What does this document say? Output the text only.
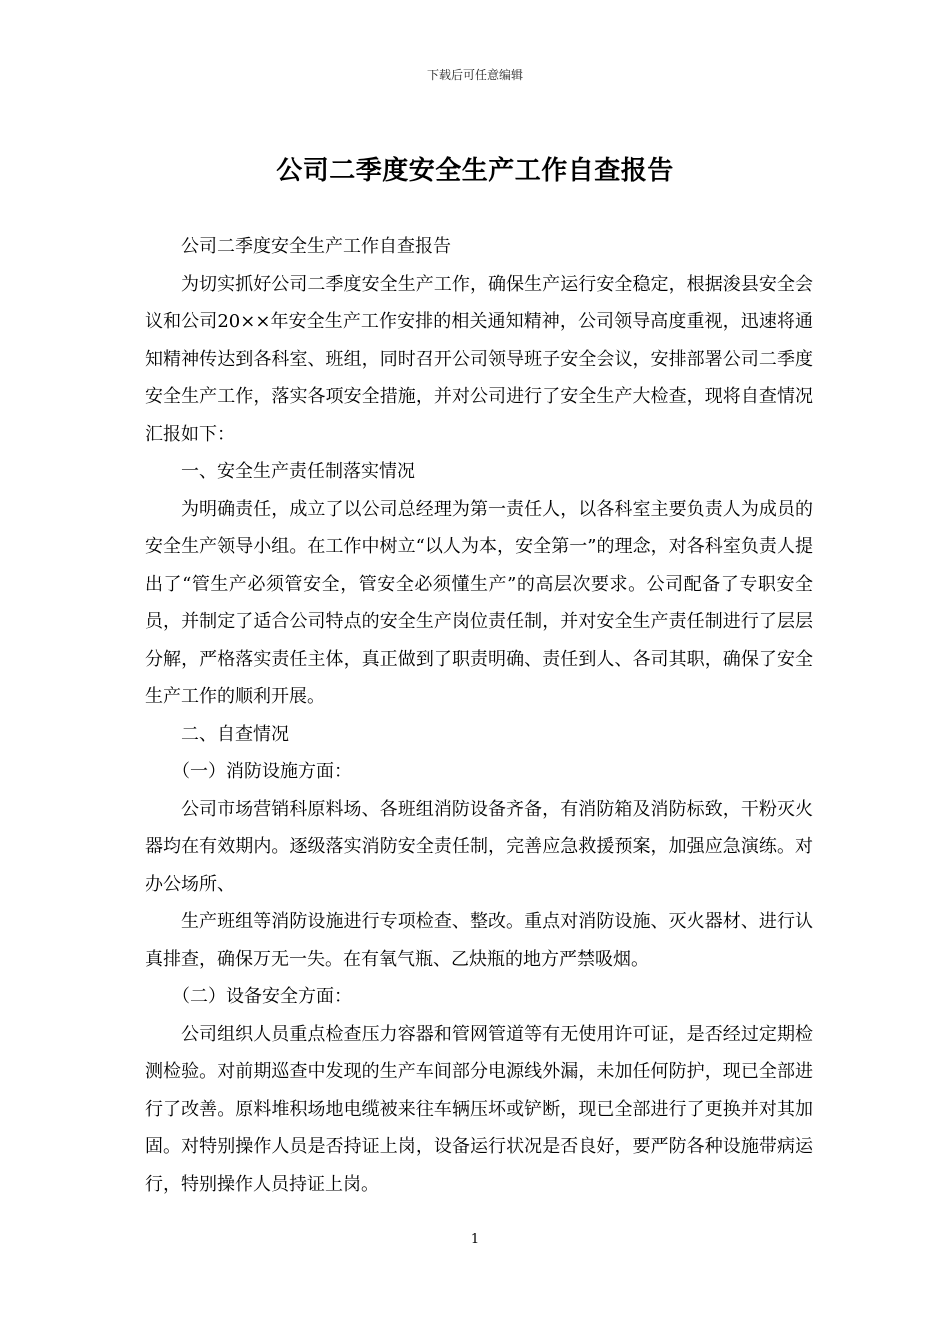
下载后可任意编辑
公司二季度安全生产工作自查报告

公司二季度安全生产工作自查报告

为切实抓好公司二季度安全生产工作，确保生产运行安全稳定，根据浚县安全会议和公司20××年安全生产工作安排的相关通知精神，公司领导高度重视，迅速将通知精神传达到各科室、班组，同时召开公司领导班子安全会议，安排部署公司二季度安全生产工作，落实各项安全措施，并对公司进行了安全生产大检查，现将自查情况汇报如下：

一、安全生产责任制落实情况

为明确责任，成立了以公司总经理为第一责任人，以各科室主要负责人为成员的安全生产领导小组。在工作中树立“以人为本，安全第一”的理念，对各科室负责人提出了“管生产必须管安全，管安全必须懂生产”的高层次要求。公司配备了专职安全员，并制定了适合公司特点的安全生产岗位责任制，并对安全生产责任制进行了层层分解，严格落实责任主体，真正做到了职责明确、责任到人、各司其职，确保了安全生产工作的顺利开展。

二、自查情况

（一）消防设施方面：

公司市场营销科原料场、各班组消防设备齐备，有消防箱及消防标致，干粉灭火器均在有效期内。逐级落实消防安全责任制，完善应急救援预案，加强应急演练。对办公场所、

生产班组等消防设施进行专项检查、整改。重点对消防设施、灭火器材、进行认真排查，确保万无一失。在有氧气瓶、乙炔瓶的地方严禁吸烟。

（二）设备安全方面：

公司组织人员重点检查压力容器和管网管道等有无使用许可证，是否经过定期检测检验。对前期巡查中发现的生产车间部分电源线外漏，未加任何防护，现已全部进行了改善。原料堆积场地电缆被来往车辆压坏或铲断，现已全部进行了更换并对其加固。对特别操作人员是否持证上岗，设备运行状况是否良好，要严防各种设施带病运行，特别操作人员持证上岗。

1
